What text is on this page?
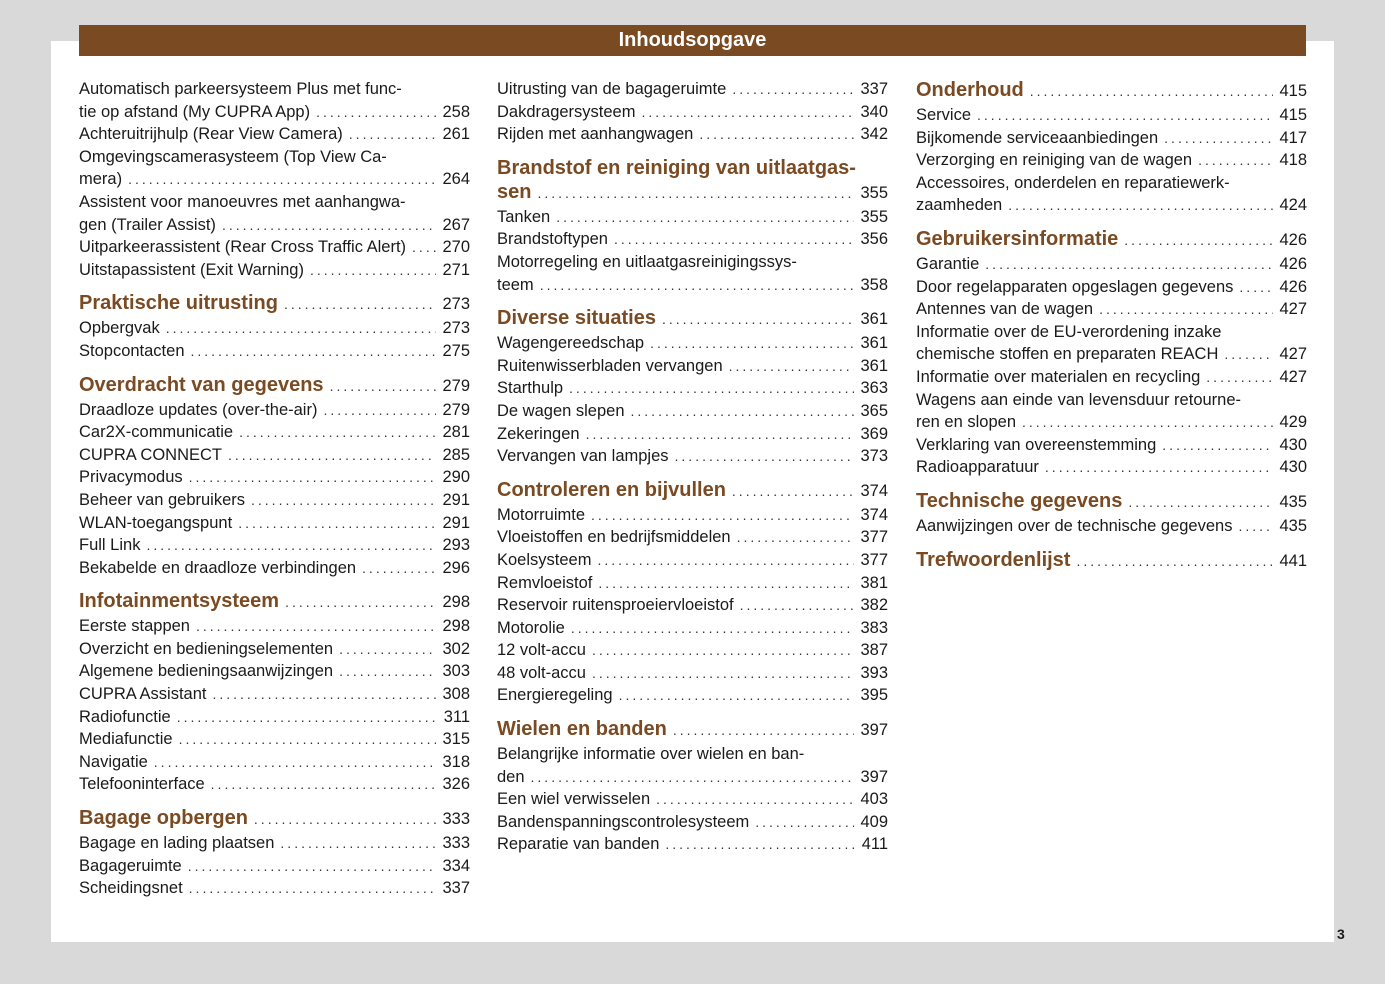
Inhoudsopgave
Automatisch parkeersysteem Plus met func-
tie op afstand (My CUPRA App) .....	258
Achteruitrijhulp (Rear View Camera) .....	261
Omgevingscamerasysteem (Top View Ca-
mera) .....	264
Assistent voor manoeuvres met aanhangwa-
gen (Trailer Assist) .....	267
Uitparkeerassistent (Rear Cross Traffic Alert) ..... 270
Uitstapassistent (Exit Warning) .....	271
Praktische uitrusting .....	273
Opbergvak .....	273
Stopcontacten .....	275
Overdracht van gegevens .....	279
Draadloze updates (over-the-air) .....	279
Car2X-communicatie .....	281
CUPRA CONNECT .....	285
Privacymodus .....	290
Beheer van gebruikers .....	291
WLAN-toegangspunt .....	291
Full Link .....	293
Bekabelde en draadloze verbindingen .....	296
Infotainmentsysteem .....	298
Eerste stappen .....	298
Overzicht en bedieningselementen .....	302
Algemene bedieningsaanwijzingen .....	303
CUPRA Assistant .....	308
Radiofunctie .....	311
Mediafunctie .....	315
Navigatie .....	318
Telefooninterface .....	326
Bagage opbergen .....	333
Bagage en lading plaatsen .....	333
Bagageruimte .....	334
Scheidingsnet .....	337
Uitrusting van de bagageruimte .....	337
Dakdragersysteem .....	340
Rijden met aanhangwagen .....	342
Brandstof en reiniging van uitlaatgas-
sen .....	355
Tanken .....	355
Brandstoftypen .....	356
Motorregeling en uitlaatgasreinigingssys-
teem .....	358
Diverse situaties .....	361
Wagengereedschap .....	361
Ruitenwisserbladen vervangen .....	361
Starthulp .....	363
De wagen slepen .....	365
Zekeringen .....	369
Vervangen van lampjes .....	373
Controleren en bijvullen .....	374
Motorruimte .....	374
Vloeistoffen en bedrijfsmiddelen .....	377
Koelsysteem .....	377
Remvloeistof .....	381
Reservoir ruitensproeiervloeistof .....	382
Motorolie .....	383
12 volt-accu .....	387
48 volt-accu .....	393
Energieregeling .....	395
Wielen en banden .....	397
Belangrijke informatie over wielen en ban-
den .....	397
Een wiel verwisselen .....	403
Bandenspanningscontrolesysteem .....	409
Reparatie van banden .....	411
Onderhoud .....	415
Service .....	415
Bijkomende serviceaanbiedingen .....	417
Verzorging en reiniging van de wagen .....	418
Accessoires, onderdelen en reparatiewerk-
zaamheden .....	424
Gebruikersinformatie .....	426
Garantie .....	426
Door regelapparaten opgeslagen gegevens .....	426
Antennes van de wagen .....	427
Informatie over de EU-verordening inzake
chemische stoffen en preparaten REACH .....	427
Informatie over materialen en recycling .....	427
Wagens aan einde van levensduur retourne-
ren en slopen .....	429
Verklaring van overeenstemming .....	430
Radioapparatuur .....	430
Technische gegevens .....	435
Aanwijzingen over de technische gegevens .....	435
Trefwoordenlijst .....	441
3
